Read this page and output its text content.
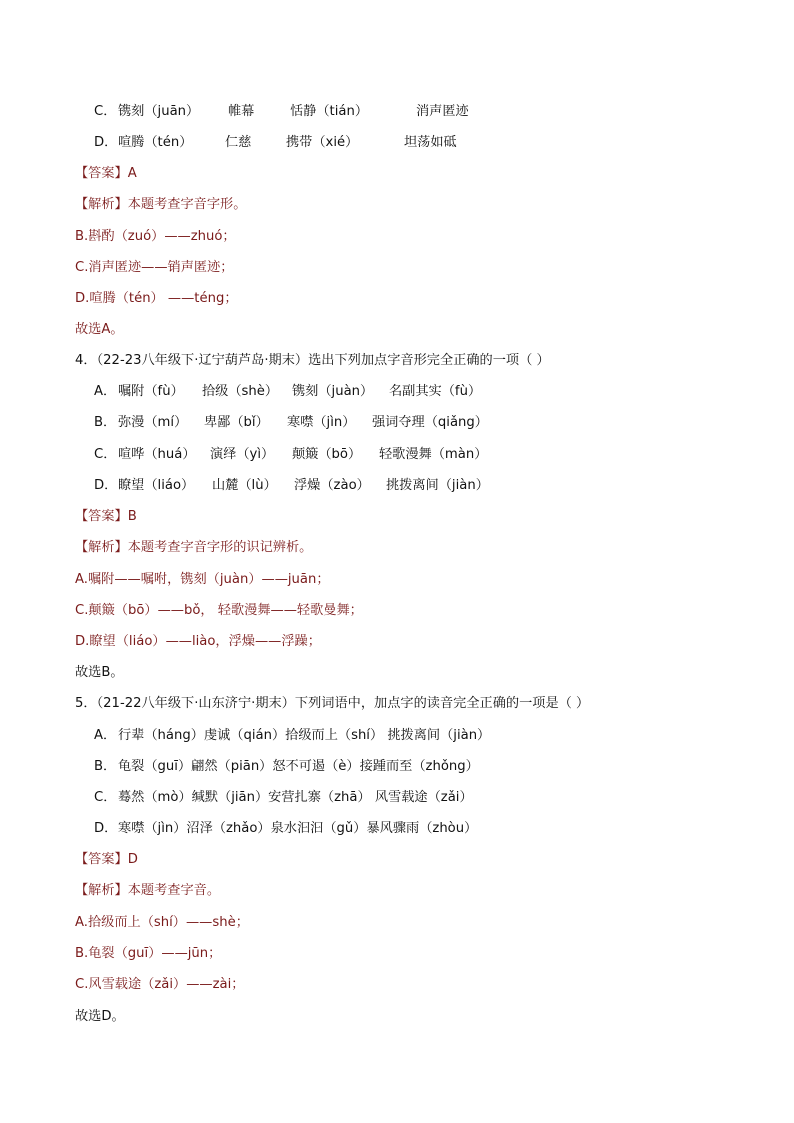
C． 镌刻（juān） 帷幕	恬静（tián）	消声匿迹
D． 喧腾（tén） 仁慈	携带（xié）	坦荡如砥
【答案】A
【解析】本题考查字音字形。
B.斟酌（zuó）——zhuó；
C.消声匿迹——销声匿迹；
D.喧腾（tén） ——téng；
故选A。
4．（22-23八年级下·辽宁葫芦岛·期末）选出下列加点字音形完全正确的一项（ ）
A． 嘱附（fù） 拾级（shè） 镌刻（juàn） 名副其实（fù）
B． 弥漫（mí） 卑鄙（bǐ） 寒噤（jìn） 强词夺理（qiǎng）
C． 喧哗（huá） 演绎（yì） 颠簸（bō） 轻歌漫舞（màn）
D． 瞭望（liáo） 山麓（lù） 浮燥（zào） 挑拨离间（jiàn）
【答案】B
【解析】本题考查字音字形的识记辨析。
A.嘱附——嘱咐，镌刻（juàn）——juān；
C.颠簸（bō）——bǒ， 轻歌漫舞——轻歌曼舞；
D.瞭望（liáo）——liào，浮燥——浮躁；
故选B。
5．（21-22八年级下·山东济宁·期末）下列词语中，加点字的读音完全正确的一项是（ ）
A． 行辈（háng）虔诚（qián）拾级而上（shí） 挑拨离间（jiàn）
B． 龟裂（guī）翩然（piān）怒不可遏（è）接踵而至（zhǒng）
C． 蓦然（mò）缄默（jiān）安营扎寨（zhā） 风雪载途（zǎi）
D． 寒噤（jìn）沼泽（zhǎo）泉水汩汩（gǔ）暴风骤雨（zhòu）
【答案】D
【解析】本题考查字音。
A.拾级而上（shí）——shè；
B.龟裂（guī）——jūn；
C.风雪载途（zǎi）——zài；
故选D。
